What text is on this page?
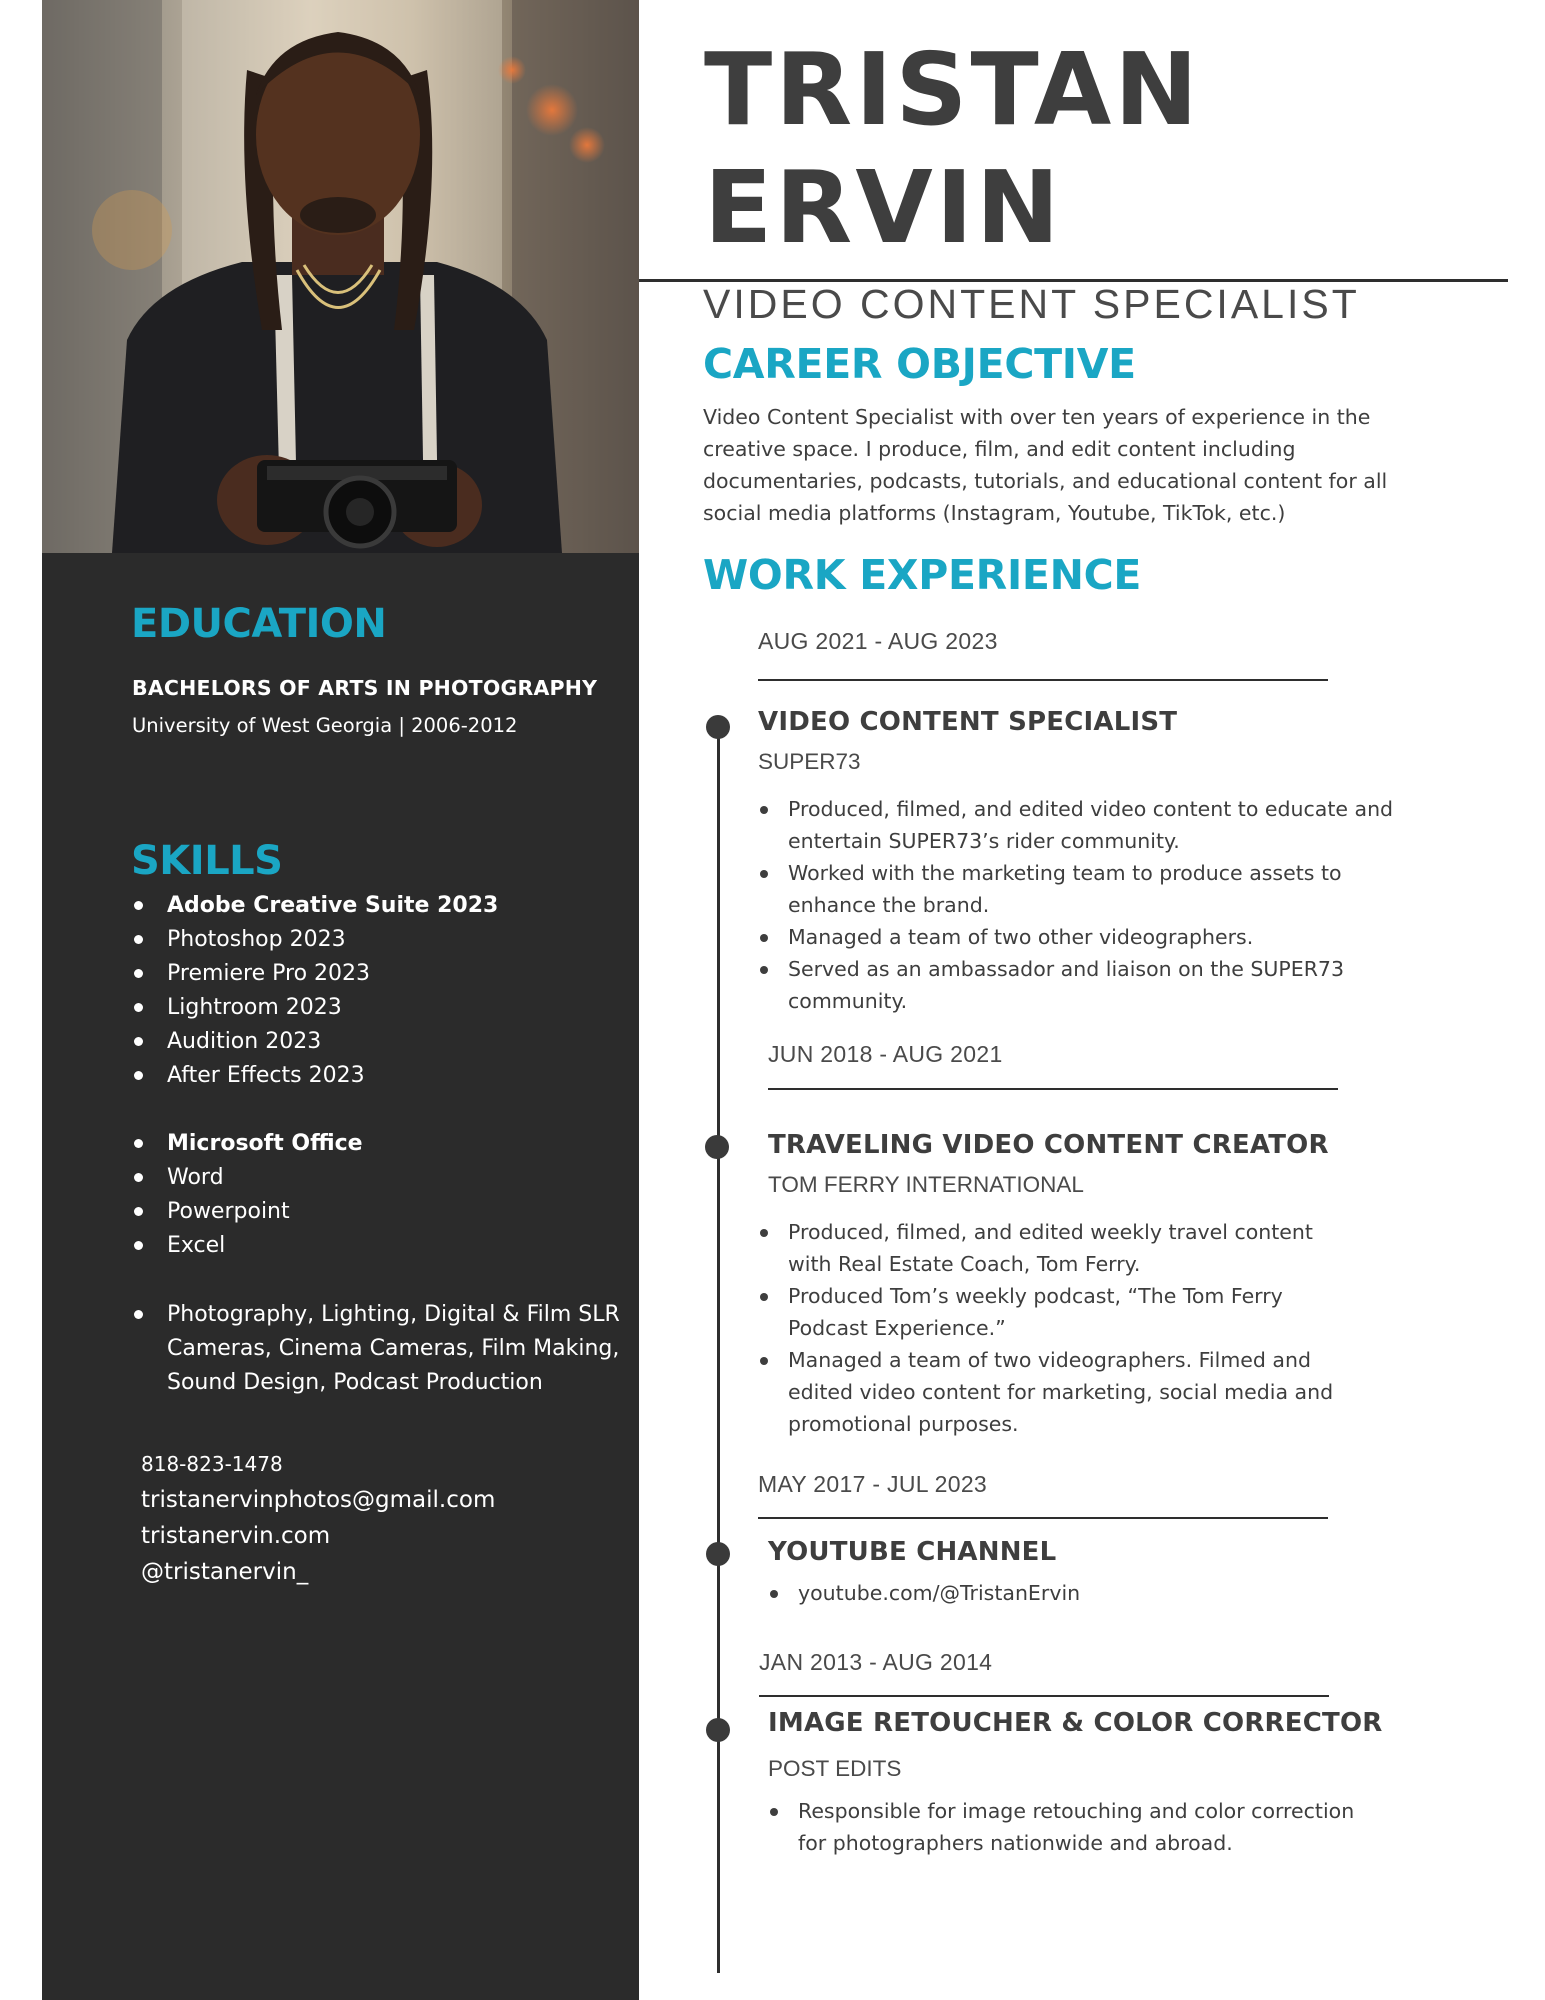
EDUCATION
BACHELORS OF ARTS IN PHOTOGRAPHY
University of West Georgia | 2006-2012
SKILLS
Adobe Creative Suite 2023
Photoshop 2023
Premiere Pro 2023
Lightroom 2023
Audition 2023
After Effects 2023
Microsoft Office
Word
Powerpoint
Excel
Photography, Lighting, Digital & Film SLR Cameras, Cinema Cameras, Film Making, Sound Design, Podcast Production
818-823-1478
tristanervinphotos@gmail.com
tristanervin.com
@tristanervin_
TRISTAN
ERVIN
VIDEO CONTENT SPECIALIST
CAREER OBJECTIVE
Video Content Specialist with over ten years of experience in the creative space. I produce, film, and edit content including documentaries, podcasts, tutorials, and educational content for all social media platforms (Instagram, Youtube, TikTok, etc.)
WORK EXPERIENCE
AUG 2021 - AUG 2023
VIDEO CONTENT SPECIALIST
SUPER73
Produced, filmed, and edited video content to educate and entertain SUPER73’s rider community.
Worked with the marketing team to produce assets to enhance the brand.
Managed a team of two other videographers.
Served as an ambassador and liaison on the SUPER73 community.
JUN 2018 - AUG 2021
TRAVELING VIDEO CONTENT CREATOR
TOM FERRY INTERNATIONAL
Produced, filmed, and edited weekly travel content with Real Estate Coach, Tom Ferry.
Produced Tom’s weekly podcast, “The Tom Ferry Podcast Experience.”
Managed a team of two videographers. Filmed and edited video content for marketing, social media and promotional purposes.
MAY 2017 - JUL 2023
YOUTUBE CHANNEL
youtube.com/@TristanErvin
JAN 2013 - AUG 2014
IMAGE RETOUCHER & COLOR CORRECTOR
POST EDITS
Responsible for image retouching and color correction for photographers nationwide and abroad.
